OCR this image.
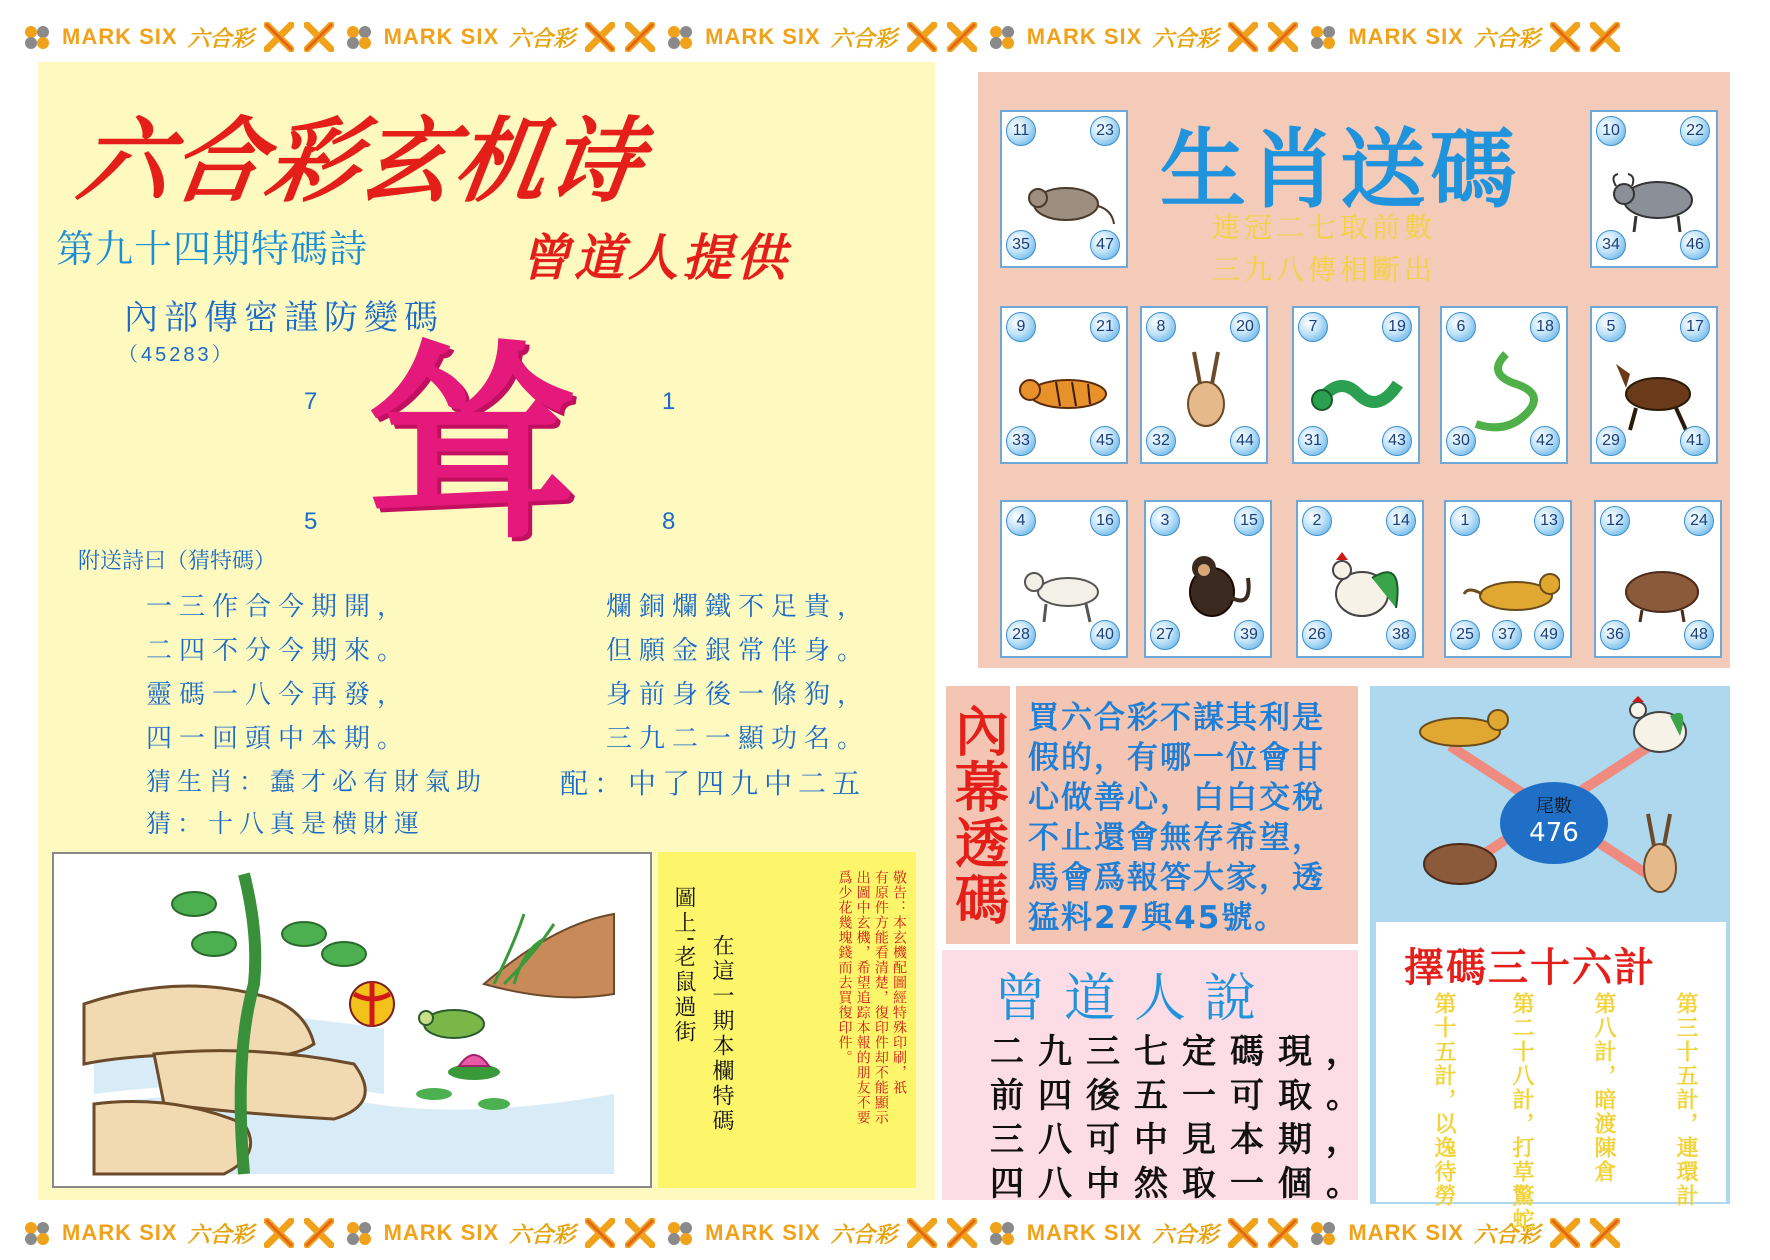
MARK SIX 六合彩	MARK SIX 六合彩	MARK SIX 六合彩	MARK SIX 六合彩	MARK SIX 六合彩
MARK SIX 六合彩	MARK SIX 六合彩	MARK SIX 六合彩	MARK SIX 六合彩	MARK SIX 六合彩
六合彩玄机诗
第九十四期特碼詩	曾道人提供
內部傳密謹防變碼
（45283）
7	1
5	8
耸
附送詩曰（猜特碼）
一三作合今期開，
二四不分今期來。
靈碼一八今再發，
四一回頭中本期。
爛銅爛鐵不足貴，
但願金銀常伴身。
身前身後一條狗，
三九二一顯功名。
猜生肖：蠢才必有財氣助
猜：十八真是横財運
配：中了四九中二五
敬告：本玄機配圖經特殊印刷，祇
有原件方能看清楚，復印件却不能顯示
出圖中玄機，希望追踪本報的朋友不要
爲少花幾塊錢而去買復印件。
在這一期本欄特碼
圖上'老鼠過街
生肖送碼
連冠二七取前數
三九八傳相斷出
11	23
35	47
10	22
34	46
9	21
33	45
8	20
32	44
7	19
31	43
6	18
30	42
5	17
29	41
4	16
28	40
3	15
27	39
2	14
26	38
1	13
25	37	49
12	24
36	48
內幕透碼 買六合彩不謀其利是
假的，有哪一位會甘
心做善心，白白交稅
不止還會無存希望，
馬會爲報答大家，透
猛料27與45號。
尾數
476
擇碼三十六計
第三十五計，連環計
第八計，暗渡陳倉
第二十八計，打草驚蛇
第十五計，以逸待勞
曾道人說
二九三七定碼現，
前四後五一可取。
三八可中見本期，
四八中然取一個。
